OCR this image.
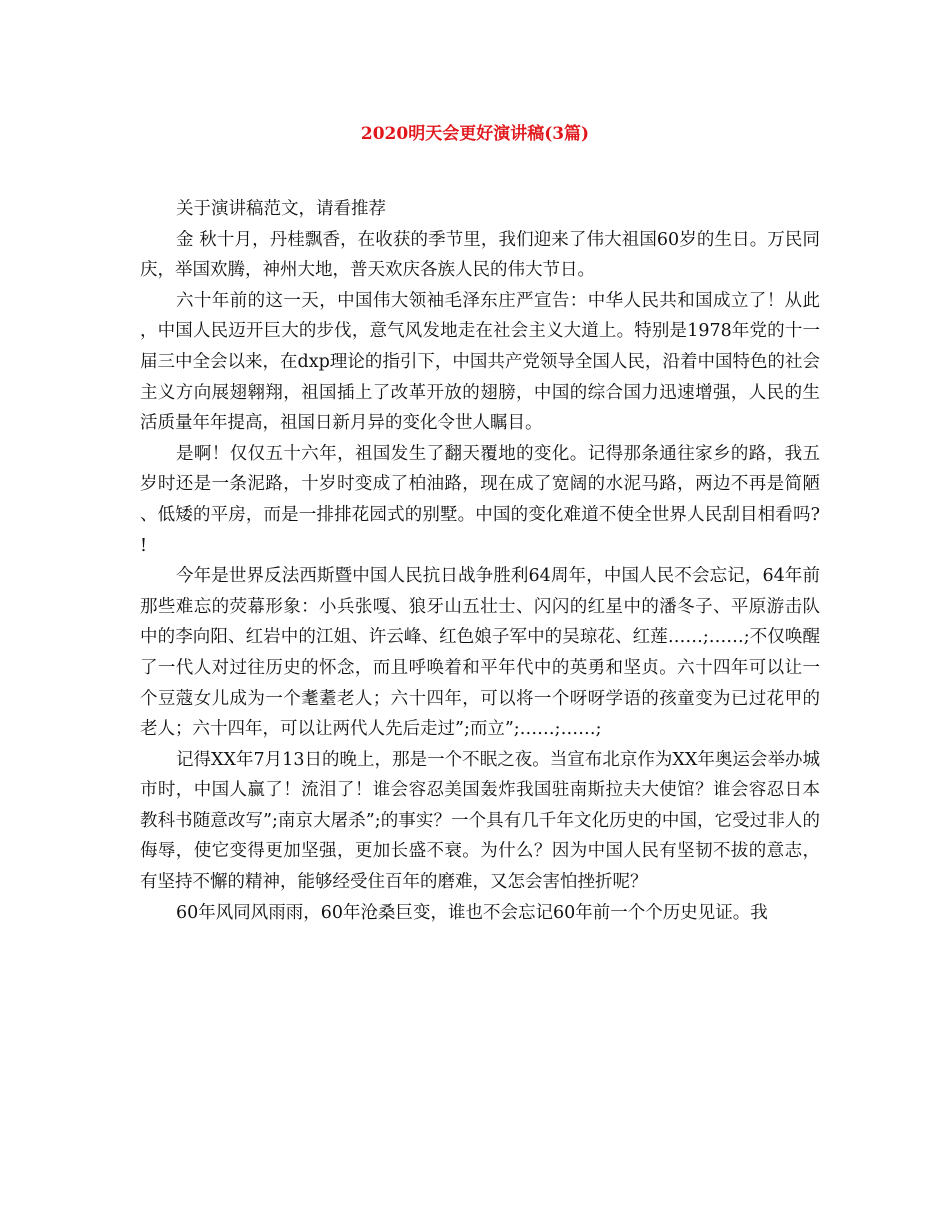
2020明天会更好演讲稿(3篇)

关于演讲稿范文，请看推荐

金 秋十月，丹桂飘香，在收获的季节里，我们迎来了伟大祖国60岁的生日。万民同庆，举国欢腾，神州大地，普天欢庆各族人民的伟大节日。

六十年前的这一天，中国伟大领袖毛泽东庄严宣告：中华人民共和国成立了！从此，中国人民迈开巨大的步伐，意气风发地走在社会主义大道上。特别是1978年党的十一届三中全会以来，在dxp理论的指引下，中国共产党领导全国人民，沿着中国特色的社会主义方向展翅翱翔，祖国插上了改革开放的翅膀，中国的综合国力迅速增强，人民的生活质量年年提高，祖国日新月异的变化令世人瞩目。

是啊！仅仅五十六年，祖国发生了翻天覆地的变化。记得那条通往家乡的路，我五岁时还是一条泥路，十岁时变成了柏油路，现在成了宽阔的水泥马路，两边不再是简陋、低矮的平房，而是一排排花园式的别墅。中国的变化难道不使全世界人民刮目相看吗?!

今年是世界反法西斯暨中国人民抗日战争胜利64周年，中国人民不会忘记，64年前那些难忘的荧幕形象：小兵张嘎、狼牙山五壮士、闪闪的红星中的潘冬子、平原游击队中的李向阳、红岩中的江姐、许云峰、红色娘子军中的吴琼花、红莲……;……;不仅唤醒了一代人对过往历史的怀念，而且呼唤着和平年代中的英勇和坚贞。六十四年可以让一个豆蔻女儿成为一个耄耋老人；六十四年，可以将一个呀呀学语的孩童变为已过花甲的老人；六十四年，可以让两代人先后走过”;而立”;……;……;

记得XX年7月13日的晚上，那是一个不眠之夜。当宣布北京作为XX年奥运会举办城市时，中国人赢了！流泪了！谁会容忍美国轰炸我国驻南斯拉夫大使馆？谁会容忍日本教科书随意改写”;南京大屠杀”;的事实？一个具有几千年文化历史的中国，它受过非人的侮辱，使它变得更加坚强，更加长盛不衰。为什么？因为中国人民有坚韧不拔的意志，有坚持不懈的精神，能够经受住百年的磨难，又怎会害怕挫折呢？

60年风同风雨雨，60年沧桑巨变，谁也不会忘记60年前一个个历史见证。我
